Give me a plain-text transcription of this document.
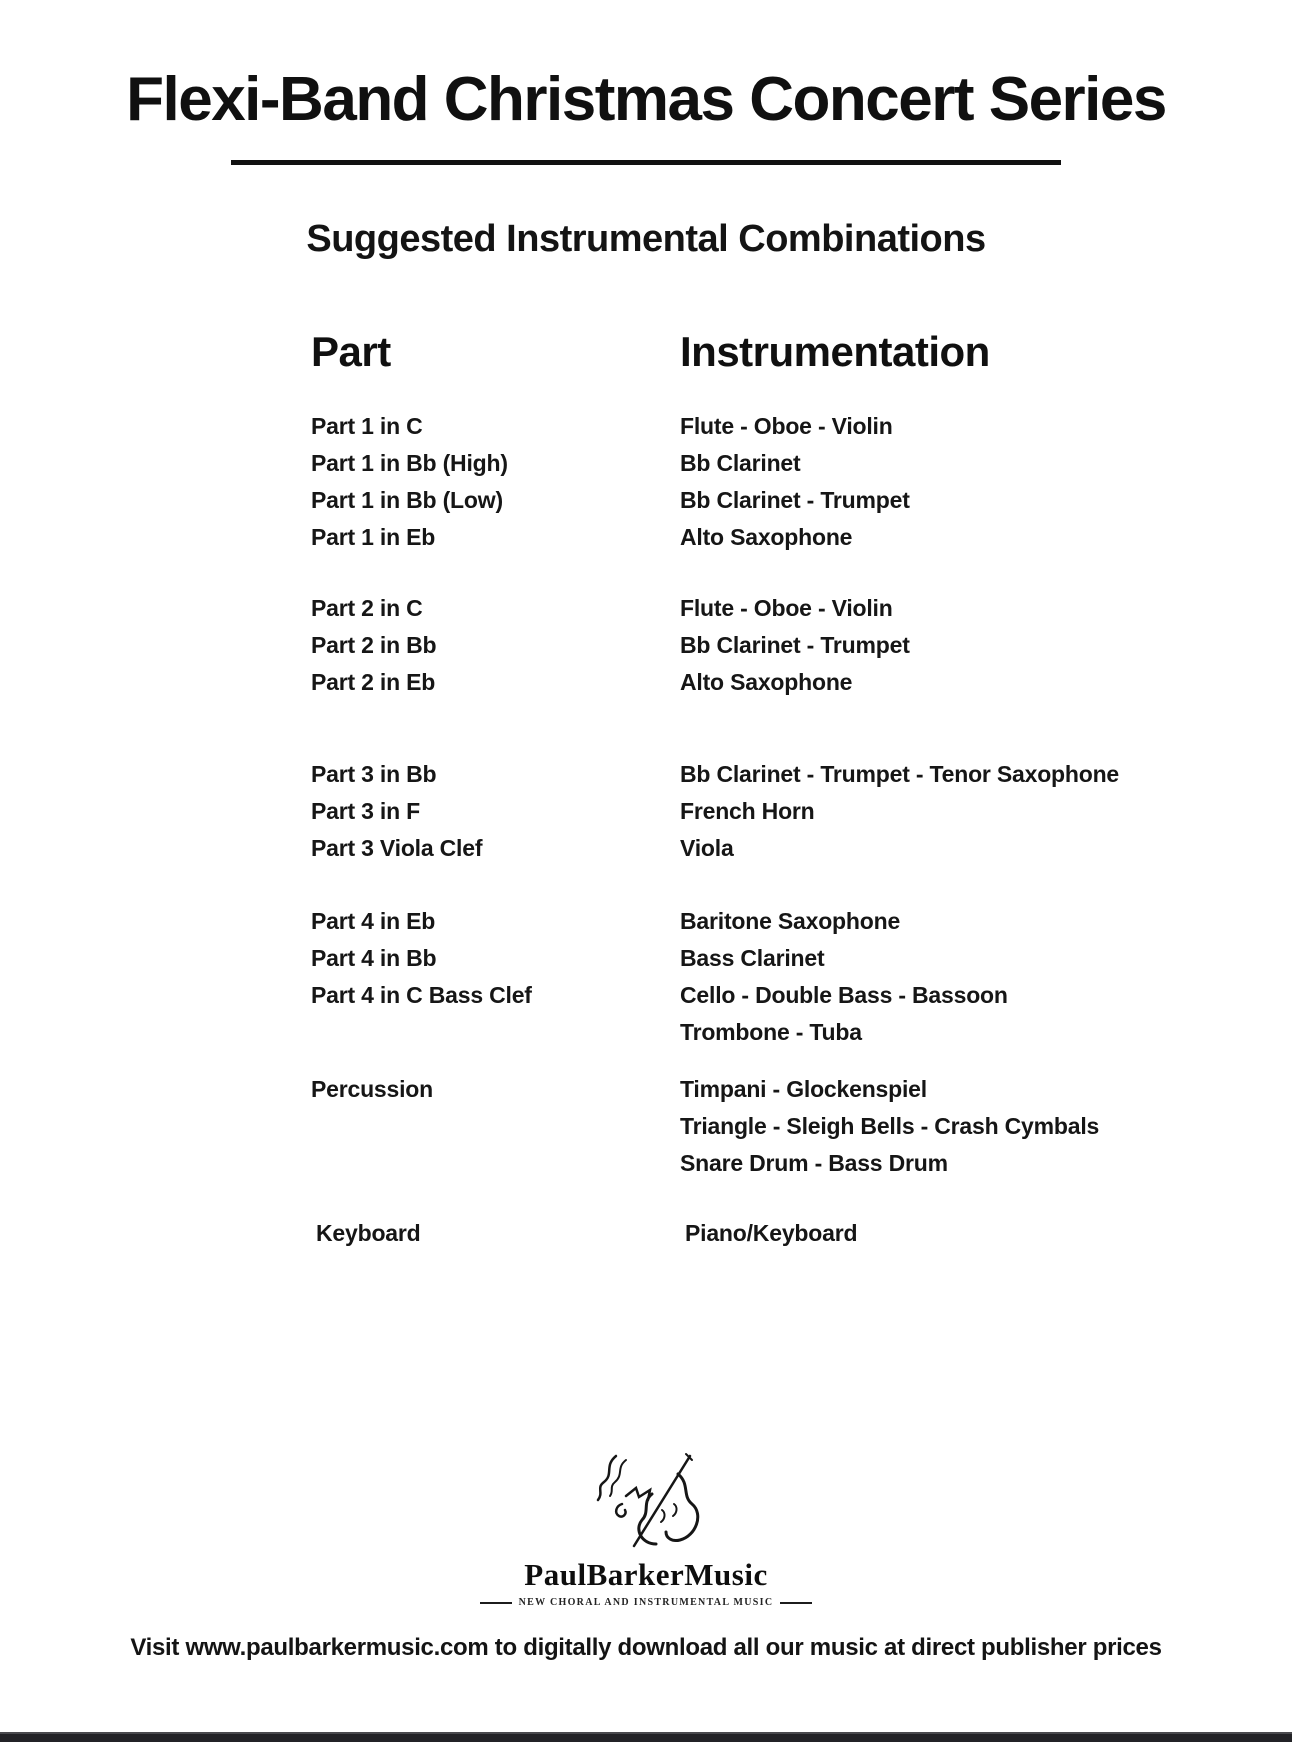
Flexi-Band Christmas Concert Series
Suggested Instrumental Combinations
Part	Instrumentation
Part 1 in C	Flute - Oboe - Violin
Part 1 in Bb (High)	Bb Clarinet
Part 1 in Bb (Low)	Bb Clarinet - Trumpet
Part 1 in Eb	Alto Saxophone
Part 2 in C	Flute - Oboe - Violin
Part 2 in Bb	Bb Clarinet - Trumpet
Part 2 in Eb	Alto Saxophone
Part 3 in Bb	Bb Clarinet - Trumpet - Tenor Saxophone
Part 3 in F	French Horn
Part 3 Viola Clef	Viola
Part 4 in Eb	Baritone Saxophone
Part 4 in Bb	Bass Clarinet
Part 4 in C Bass Clef	Cello - Double Bass - Bassoon
Trombone - Tuba
Percussion	Timpani - Glockenspiel
Triangle - Sleigh Bells - Crash Cymbals
Snare Drum - Bass Drum
Keyboard	Piano/Keyboard
PaulBarkerMusic
NEW CHORAL AND INSTRUMENTAL MUSIC
Visit www.paulbarkermusic.com to digitally download all our music at direct publisher prices
